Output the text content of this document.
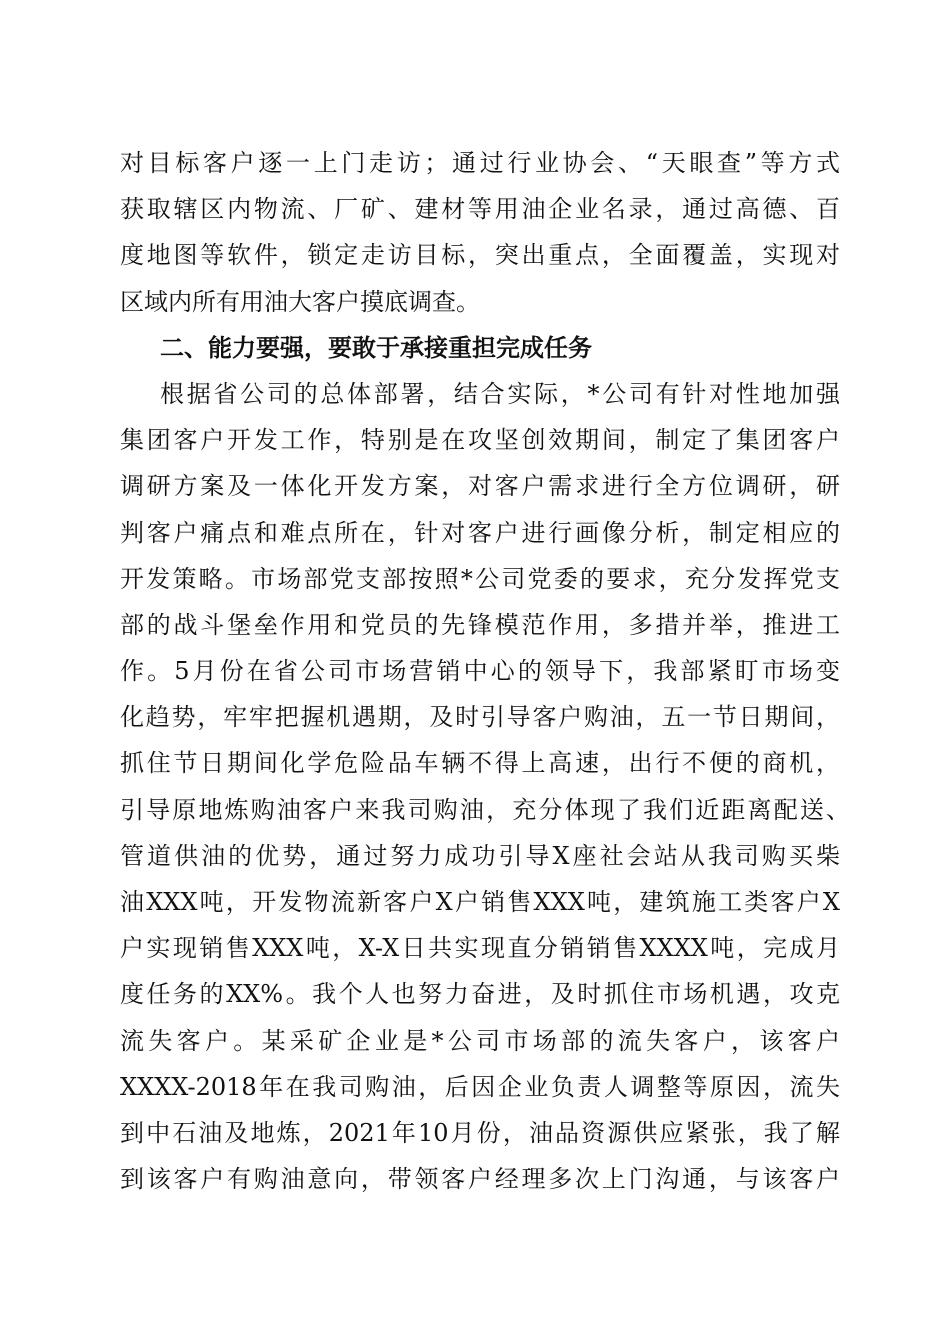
对目标客户逐一上门走访；通过行业协会、“天眼查”等方式
获取辖区内物流、厂矿、建材等用油企业名录，通过高德、百
度地图等软件，锁定走访目标，突出重点，全面覆盖，实现对
区域内所有用油大客户摸底调查。
二、能力要强，要敢于承接重担完成任务
根据省公司的总体部署，结合实际，*公司有针对性地加强
集团客户开发工作，特别是在攻坚创效期间，制定了集团客户
调研方案及一体化开发方案，对客户需求进行全方位调研，研
判客户痛点和难点所在，针对客户进行画像分析，制定相应的
开发策略。市场部党支部按照*公司党委的要求，充分发挥党支
部的战斗堡垒作用和党员的先锋模范作用，多措并举，推进工
作。5月份在省公司市场营销中心的领导下，我部紧盯市场变
化趋势，牢牢把握机遇期，及时引导客户购油，五一节日期间，
抓住节日期间化学危险品车辆不得上高速，出行不便的商机，
引导原地炼购油客户来我司购油，充分体现了我们近距离配送、
管道供油的优势，通过努力成功引导X座社会站从我司购买柴
油XXX吨，开发物流新客户X户销售XXX吨，建筑施工类客户X
户实现销售XXX吨，X-X日共实现直分销销售XXXX吨，完成月
度任务的XX%。我个人也努力奋进，及时抓住市场机遇，攻克
流失客户。某采矿企业是*公司市场部的流失客户，该客户
XXXX-2018年在我司购油，后因企业负责人调整等原因，流失
到中石油及地炼，2021年10月份，油品资源供应紧张，我了解
到该客户有购油意向，带领客户经理多次上门沟通，与该客户
